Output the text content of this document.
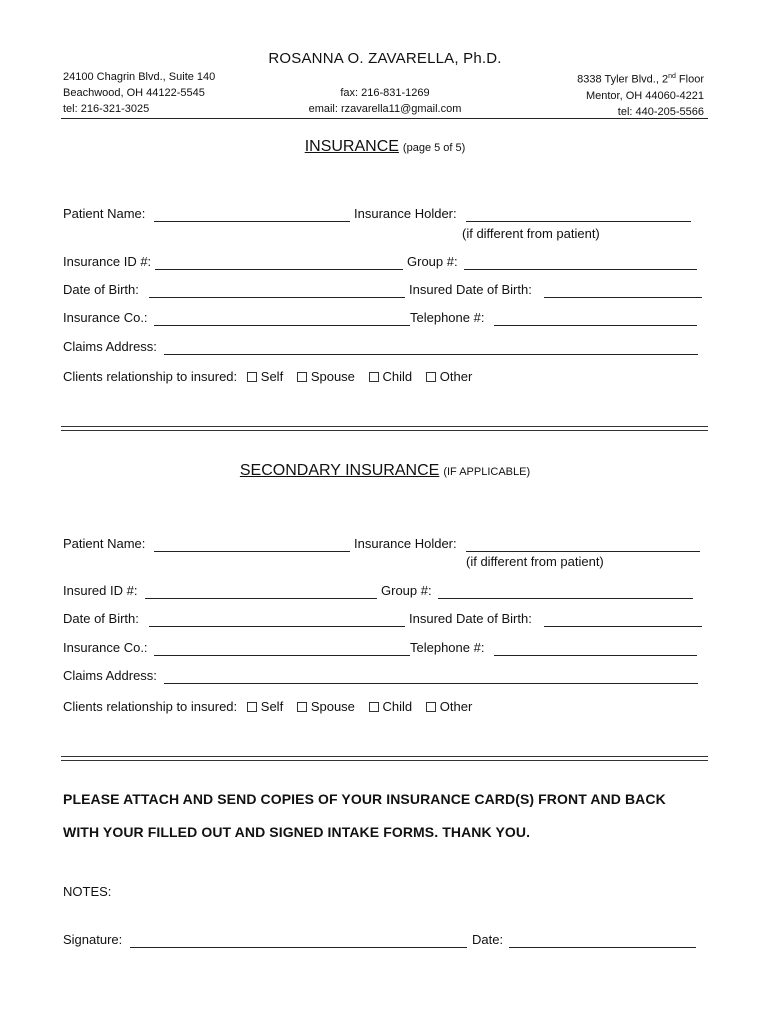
ROSANNA O. ZAVARELLA, Ph.D.
24100 Chagrin Blvd., Suite 140
Beachwood, OH 44122-5545
tel: 216-321-3025
fax: 216-831-1269
email: rzavarella11@gmail.com
8338 Tyler Blvd., 2nd Floor
Mentor, OH 44060-4221
tel: 440-205-5566
INSURANCE (page 5 of 5)
Patient Name:	Insurance Holder:
(if different from patient)
Insurance ID #:	Group #:
Date of Birth:	Insured Date of Birth:
Insurance Co.:	Telephone #:
Claims Address:
Clients relationship to insured: Self Spouse Child Other
SECONDARY INSURANCE (IF APPLICABLE)
Patient Name:	Insurance Holder:
(if different from patient)
Insured ID #:	Group #:
Date of Birth:	Insured Date of Birth:
Insurance Co.:	Telephone #:
Claims Address:
Clients relationship to insured: Self Spouse Child Other
PLEASE ATTACH AND SEND COPIES OF YOUR INSURANCE CARD(S) FRONT AND BACK
WITH YOUR FILLED OUT AND SIGNED INTAKE FORMS. THANK YOU.
NOTES:
Signature:	Date:
